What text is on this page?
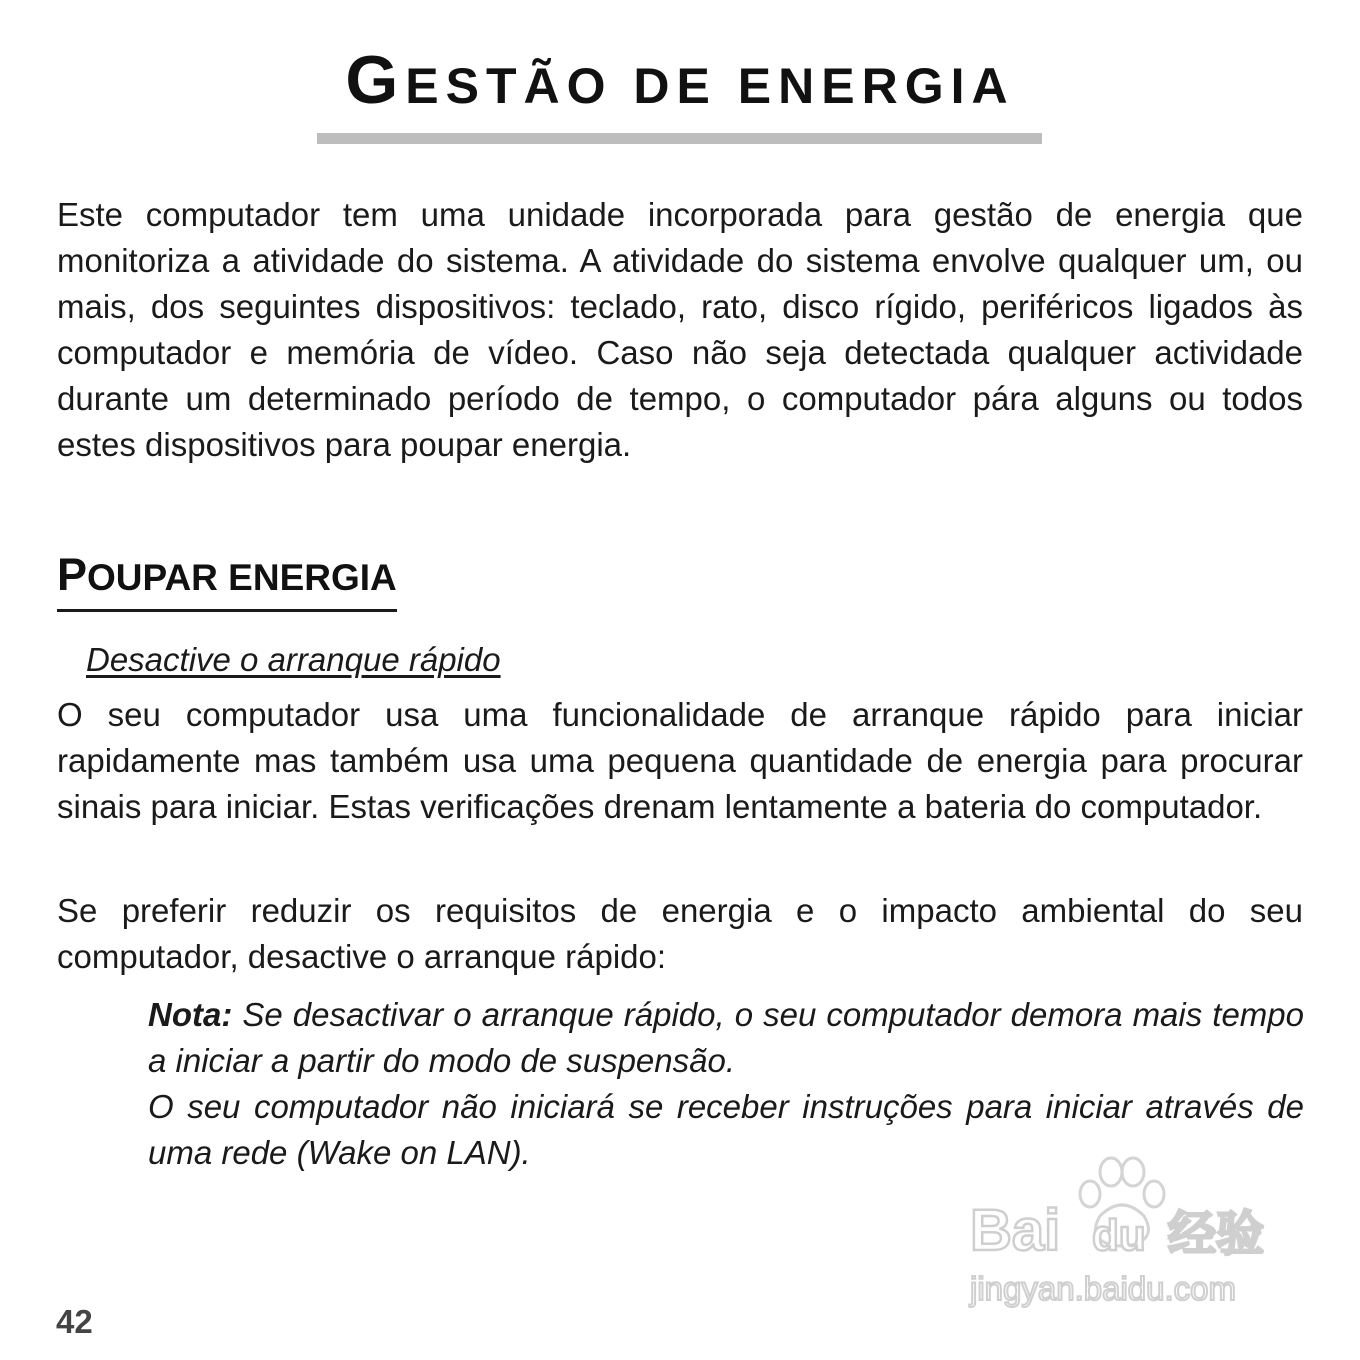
GESTÃO DE ENERGIA

Este computador tem uma unidade incorporada para gestão de energia que monitoriza a atividade do sistema. A atividade do sistema envolve qualquer um, ou mais, dos seguintes dispositivos: teclado, rato, disco rígido, periféricos ligados às computador e memória de vídeo. Caso não seja detectada qualquer actividade durante um determinado período de tempo, o computador pára alguns ou todos estes dispositivos para poupar energia.

POUPAR ENERGIA
Desactive o arranque rápido

O seu computador usa uma funcionalidade de arranque rápido para iniciar rapidamente mas também usa uma pequena quantidade de energia para procurar sinais para iniciar. Estas verificações drenam lentamente a bateria do computador.

Se preferir reduzir os requisitos de energia e o impacto ambiental do seu computador, desactive o arranque rápido:

Nota: Se desactivar o arranque rápido, o seu computador demora mais tempo a iniciar a partir do modo de suspensão.
O seu computador não iniciará se receber instruções para iniciar através de uma rede (Wake on LAN).
Bai du 经验
jingyan.baidu.com

42
